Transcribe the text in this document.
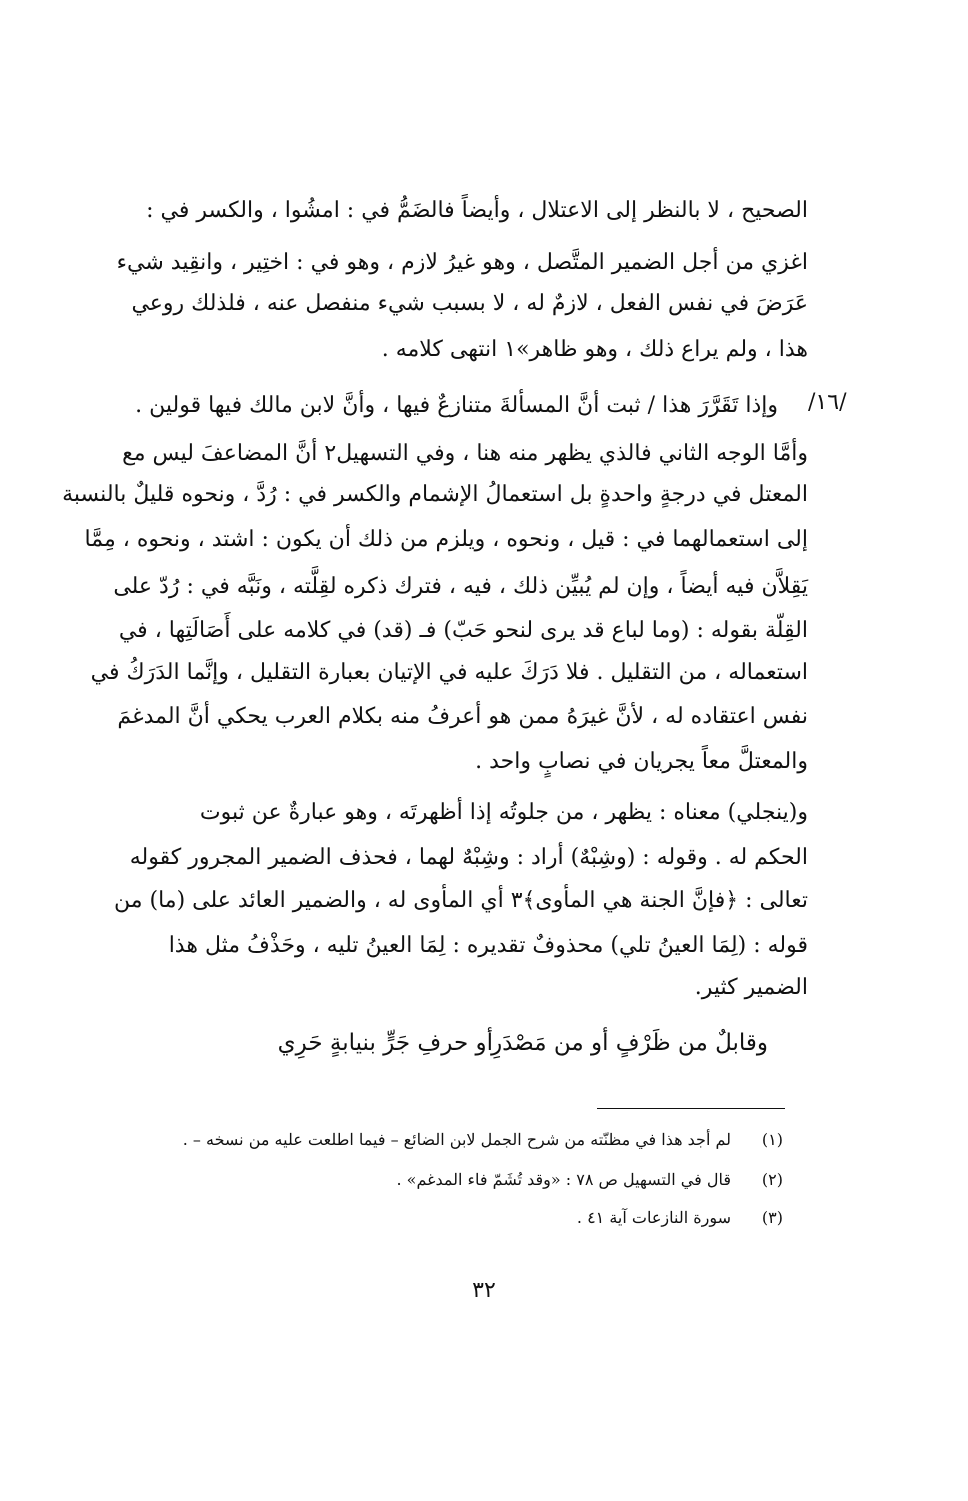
الصحيح ، لا بالنظر إلى الاعتلال ، وأيضاً فالضَمُّ في : امشُوا ، والكسر في :
اغزي من أجل الضمير المتَّصل ، وهو غيرُ لازم ، وهو في : اختِير ، وانقِيد شيء
عَرَضَ في نفس الفعل ، لازمٌ له ، لا بسبب شيء منفصل عنه ، فلذلك روعي
هذا ، ولم يراع ذلك ، وهو ظاهر»١ انتهى كلامه .
/١٦/
وإذا تَقَرَّرَ هذا / ثبت أنَّ المسألةَ متنازعٌ فيها ، وأنَّ لابن مالك فيها قولين .
وأمَّا الوجه الثاني فالذي يظهر منه هنا ، وفي التسهيل٢ أنَّ المضاعفَ ليس مع
المعتل في درجةٍ واحدةٍ بل استعمالُ الإشمام والكسر في : رُدَّ ، ونحوه قليلٌ بالنسبة
إلى استعمالهما في : قيل ، ونحوه ، ويلزم من ذلك أن يكون : اشتد ، ونحوه ، مِمَّا
يَقِلاَّن فيه أيضاً ، وإن لم يُبيِّن ذلك ، فيه ، فترك ذكره لقِلَّته ، ونَبَّه في : رُدّ على
القِلّة بقوله : (وما لباع قد يرى لنحو حَبّ) فـ (قد) في كلامه على أَصَالَتِها ، في
استعماله ، من التقليل . فلا دَرَكَ عليه في الإتيان بعبارة التقليل ، وإنَّما الدَرَكُ في
نفس اعتقاده له ، لأنَّ غيرَهُ ممن هو أعرفُ منه بكلام العرب يحكي أنَّ المدغمَ
والمعتلَّ معاً يجريان في نصابٍ واحد .
و(ينجلي) معناه : يظهر ، من جلوتُه إذا أظهرتَه ، وهو عبارةٌ عن ثبوت
الحكم له . وقوله : (وشِبْهٌ) أراد : وشِبْهٌ لهما ، فحذف الضمير المجرور كقوله
تعالى : ﴿فإنَّ الجنة هي المأوى﴾٣ أي المأوى له ، والضمير العائد على (ما) من
قوله : (لِمَا العينُ تلي) محذوفٌ تقديره : لِمَا العينُ تليه ، وحَذْفُ مثل هذا
الضمير كثير.
وقابلٌ من ظَرْفٍ أو من مَصْدَرِ
أو حرفِ جَرٍّ بنيابةٍ حَرِي
(١)
لم أجد هذا في مظنّته من شرح الجمل لابن الضائع – فيما اطلعت عليه من نسخه – .
(٢)
قال في التسهيل ص ٧٨ : «وقد تُشَمّ فاء المدغم» .
(٣)
سورة النازعات آية ٤١ .
٣٢
